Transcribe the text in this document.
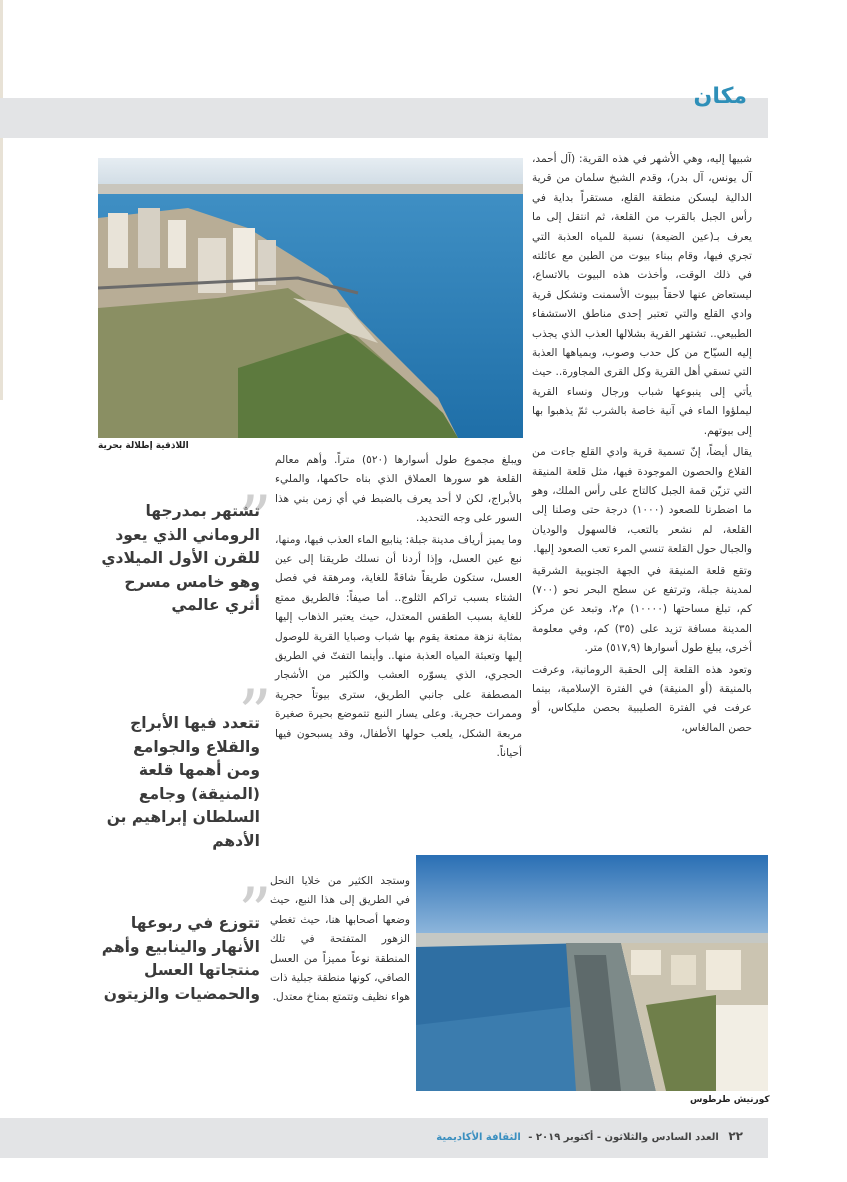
مكان
اللاذقية إطلالة بحرية

شبيها إليه، وهي الأشهر في هذه القرية: (آل أحمد، آل يونس، آل بدر)، وقدم الشيخ سلمان من قرية الدالية ليسكن منطقة القلع، مستقراً بداية في رأس الجبل بالقرب من القلعة، ثم انتقل إلى ما يعرف بـ(عين الضيعة) نسبة للمياه العذبة التي تجري فيها، وقام ببناء بيوت من الطين مع عائلته في ذلك الوقت، وأخذت هذه البيوت بالاتساع، ليستعاض عنها لاحقاً ببيوت الأسمنت وتشكل قرية وادي القلع والتي تعتبر إحدى مناطق الاستشفاء الطبيعي.. تشتهر القرية بشلالها العذب الذي يجذب إليه السيّاح من كل حدب وصوب، وبمياهها العذبة التي تسقي أهل القرية وكل القرى المجاورة.. حيث يأتي إلى ينبوعها شباب ورجال ونساء القرية ليملؤوا الماء في آنية خاصة بالشرب ثمّ يذهبوا بها إلى بيوتهم.

يقال أيضاً، إنّ تسمية قرية وادي القلع جاءت من القلاع والحصون الموجودة فيها، مثل قلعة المنيقة التي تزيّن قمة الجبل كالتاج على رأس الملك، وهو ما اضطرنا للصعود (١٠٠٠) درجة حتى وصلنا إلى القلعة، لم نشعر بالتعب، فالسهول والوديان والجبال حول القلعة تنسي المرء تعب الصعود إليها.

وتقع قلعة المنيقة في الجهة الجنوبية الشرقية لمدينة جبلة، وترتفع عن سطح البحر نحو (٧٠٠) كم، تبلغ مساحتها (١٠٠٠٠) م٢، وتبعد عن مركز المدينة مسافة تزيد على (٣٥) كم، وفي معلومة أخرى، يبلغ طول أسوارها (٥١٧,٩) متر.

وتعود هذه القلعة إلى الحقبة الرومانية، وعرفت بالمنيقة (أو المنيقة) في الفترة الإسلامية، بينما عرفت في الفترة الصليبية بحصن مليكاس، أو حصن المالغاس،

ويبلغ مجموع طول أسوارها (٥٢٠) متراً. وأهم معالم القلعة هو سورها العملاق الذي بناه حاكمها، والمليء بالأبراج، لكن لا أحد يعرف بالضبط في أي زمن بني هذا السور على وجه التحديد.

وما يميز أرياف مدينة جبلة: ينابيع الماء العذب فيها، ومنها، نبع عين العسل، وإذا أردنا أن نسلك طريقنا إلى عين العسل، ستكون طريقاً شاقةً للغاية، ومرهقة في فصل الشتاء بسبب تراكم الثلوج.. أما صيفاً: فالطريق ممتع للغاية بسبب الطقس المعتدل، حيث يعتبر الذهاب إليها بمثابة نزهة ممتعة يقوم بها شباب وصبايا القرية للوصول إليها وتعبئة المياه العذبة منها.. وأينما التفتّ في الطريق الحجري، الذي يسوّره العشب والكثير من الأشجار المصطفة على جانبي الطريق، سترى بيوتاً حجرية وممرات حجرية. وعلى يسار النبع تتموضع بحيرة صغيرة مربعة الشكل، يلعب حولها الأطفال، وقد يسبحون فيها أحياناً.

وستجد الكثير من خلايا النحل في الطريق إلى هذا النبع، حيث وضعها أصحابها هنا، حيث تغطي الزهور المتفتحة في تلك المنطقة نوعاً مميزاً من العسل الصافي، كونها منطقة جبلية ذات هواء نظيف وتتمتع بمناخ معتدل.

كورنيش طرطوس
”
تشتهر بمدرجها الروماني الذي يعود للقرن الأول الميلادي وهو خامس مسرح أثري عالمي
”
تتعدد فيها الأبراج والقلاع والجوامع ومن أهمها قلعة (المنيقة) وجامع السلطان إبراهيم بن الأدهم
”
تتوزع في ربوعها الأنهار والينابيع وأهم منتجاتها العسل والحمضيات والزيتون
٢٢ العدد السادس والثلاثون - أكتوبر ٢٠١٩ - الثقافة الأكاديمية
